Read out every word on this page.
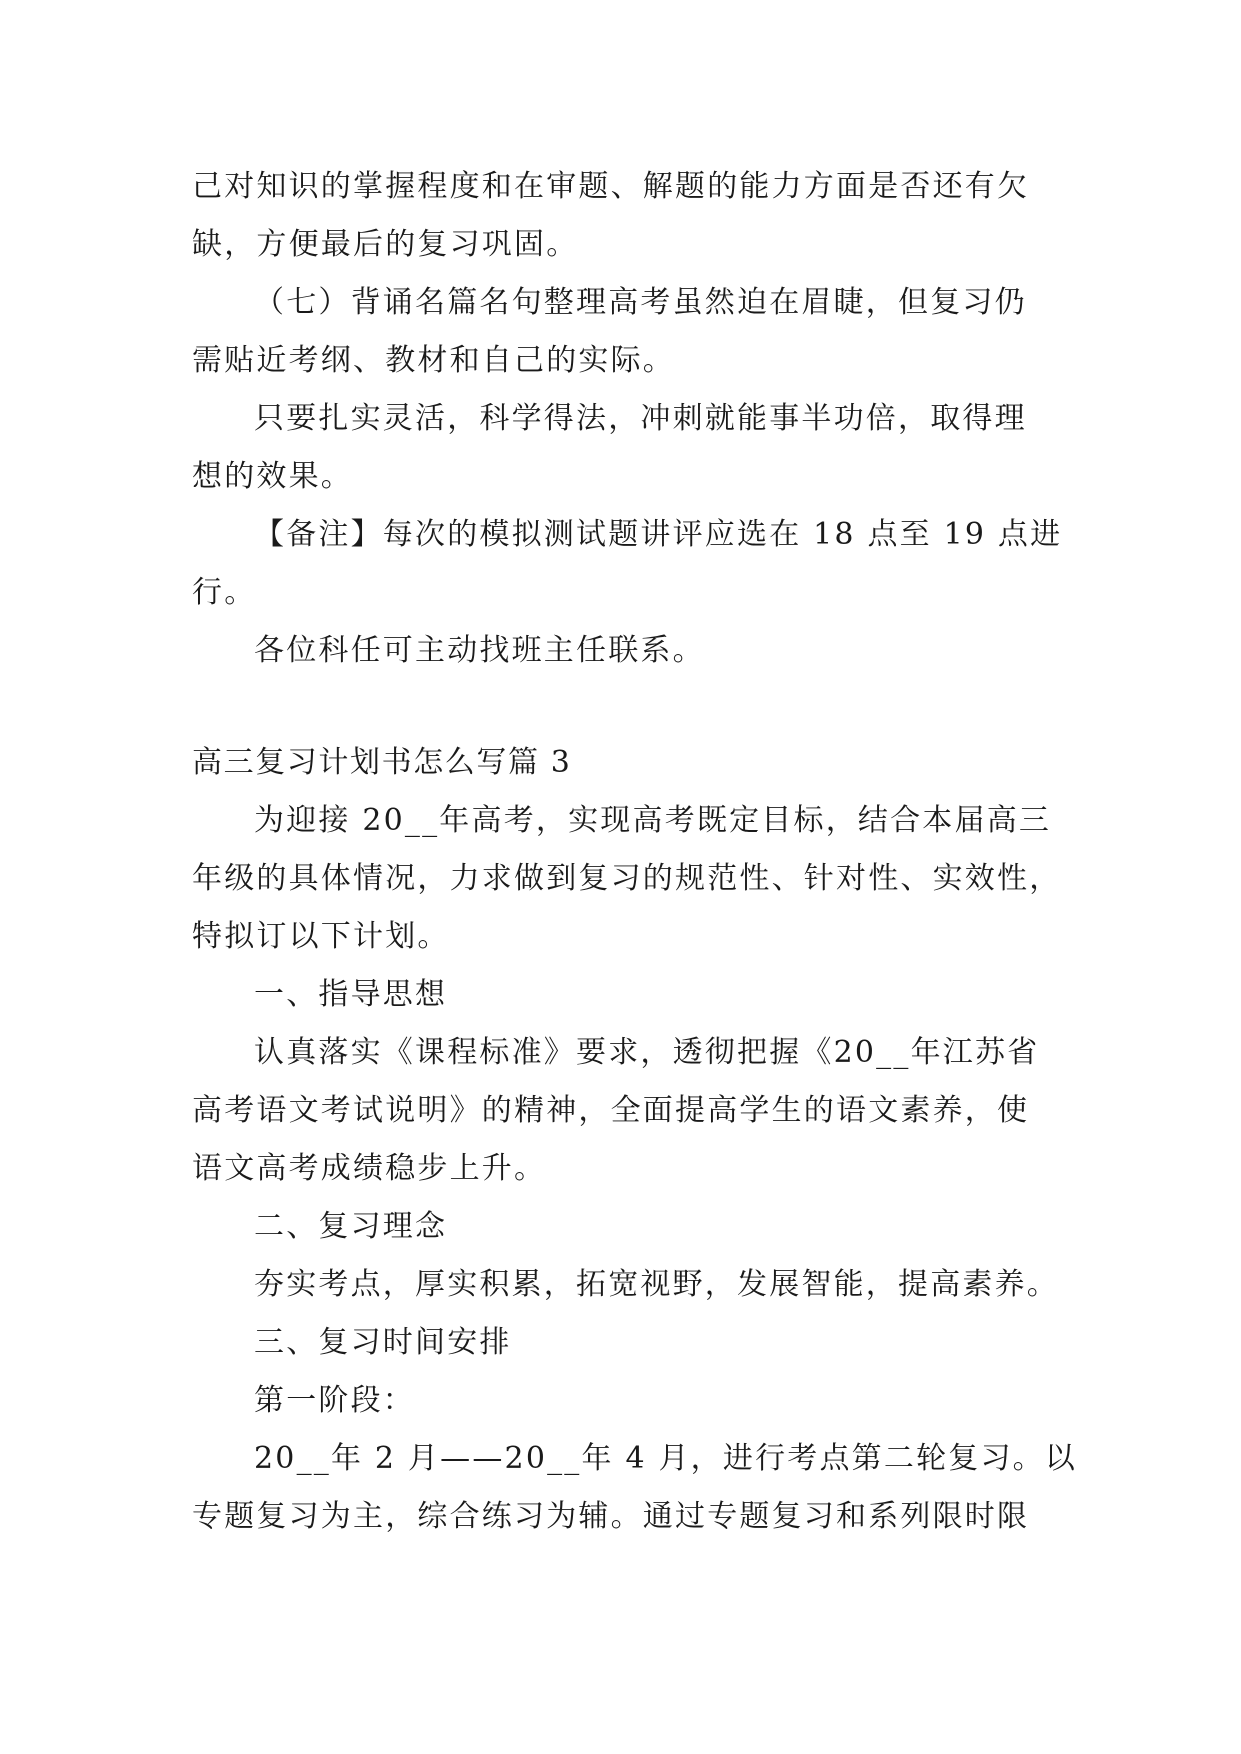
己对知识的掌握程度和在审题、解题的能力方面是否还有欠
缺，方便最后的复习巩固。
（七）背诵名篇名句整理高考虽然迫在眉睫，但复习仍
需贴近考纲、教材和自己的实际。
只要扎实灵活，科学得法，冲刺就能事半功倍，取得理
想的效果。
【备注】每次的模拟测试题讲评应选在 18 点至 19 点进
行。
各位科任可主动找班主任联系。
高三复习计划书怎么写篇 3
为迎接 20__年高考，实现高考既定目标，结合本届高三
年级的具体情况，力求做到复习的规范性、针对性、实效性，
特拟订以下计划。
一、指导思想
认真落实《课程标准》要求，透彻把握《20__年江苏省
高考语文考试说明》的精神，全面提高学生的语文素养，使
语文高考成绩稳步上升。
二、复习理念
夯实考点，厚实积累，拓宽视野，发展智能，提高素养。
三、复习时间安排
第一阶段：
20__年 2 月——20__年 4 月，进行考点第二轮复习。以
专题复习为主，综合练习为辅。通过专题复习和系列限时限
